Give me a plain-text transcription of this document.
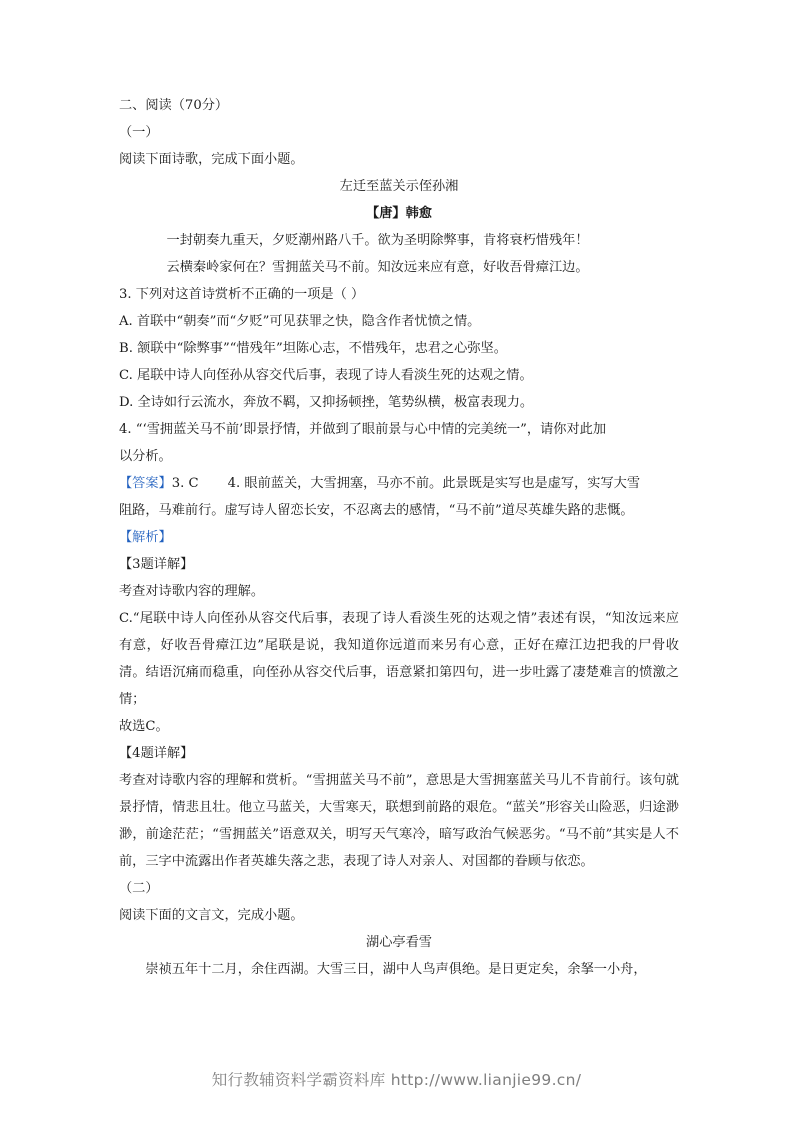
二、阅读（70分）

（一）

阅读下面诗歌，完成下面小题。

左迁至蓝关示侄孙湘

【唐】韩愈

一封朝奏九重天，夕贬潮州路八千。欲为圣明除弊事，肯将衰朽惜残年！

云横秦岭家何在？雪拥蓝关马不前。知汝远来应有意，好收吾骨瘴江边。

3. 下列对这首诗赏析不正确的一项是（ ）

A. 首联中“朝奏”而“夕贬”可见获罪之快，隐含作者忧愤之情。

B. 颔联中“除弊事”“惜残年”坦陈心志，不惜残年，忠君之心弥坚。

C. 尾联中诗人向侄孙从容交代后事，表现了诗人看淡生死的达观之情。

D. 全诗如行云流水，奔放不羁，又抑扬顿挫，笔势纵横，极富表现力。

4. “‘雪拥蓝关马不前’即景抒情，并做到了眼前景与心中情的完美统一”，请你对此加

以分析。

【答案】3. C 4. 眼前蓝关，大雪拥塞，马亦不前。此景既是实写也是虚写，实写大雪

阻路，马难前行。虚写诗人留恋长安，不忍离去的感情，“马不前”道尽英雄失路的悲慨。

【解析】

【3题详解】

考查对诗歌内容的理解。

C.“尾联中诗人向侄孙从容交代后事，表现了诗人看淡生死的达观之情”表述有误，“知汝远来应有意，好收吾骨瘴江边”尾联是说，我知道你远道而来另有心意，正好在瘴江边把我的尸骨收清。结语沉痛而稳重，向侄孙从容交代后事，语意紧扣第四句，进一步吐露了凄楚难言的愤激之情；

故选C。

【4题详解】

考查对诗歌内容的理解和赏析。“雪拥蓝关马不前”，意思是大雪拥塞蓝关马儿不肯前行。该句就景抒情，情悲且壮。他立马蓝关，大雪寒天，联想到前路的艰危。“蓝关”形容关山险恶，归途渺渺，前途茫茫；“雪拥蓝关”语意双关，明写天气寒冷，暗写政治气候恶劣。“马不前”其实是人不前，三字中流露出作者英雄失落之悲，表现了诗人对亲人、对国都的眷顾与依恋。

（二）

阅读下面的文言文，完成小题。

湖心亭看雪

崇祯五年十二月，余住西湖。大雪三日，湖中人鸟声俱绝。是日更定矣，余拏一小舟，

知行教辅资料学霸资料库 http://www.lianjie99.cn/
